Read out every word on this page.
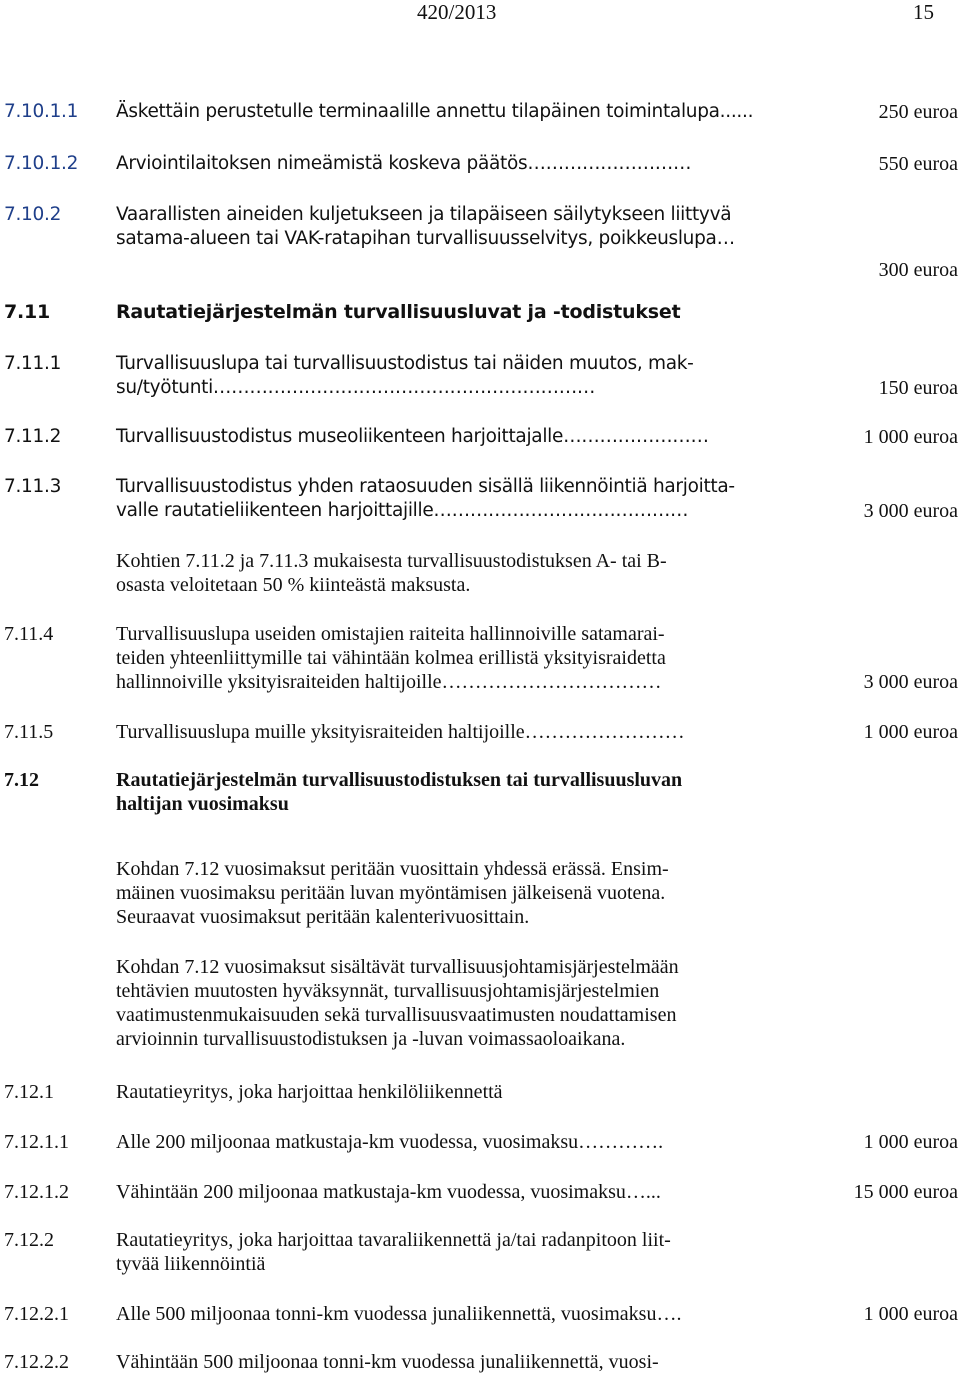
420/2013	15
7.10.1.1 Äskettäin perustetulle terminaalille annettu tilapäinen toimintalupa......	250 euroa
7.10.1.2 Arviointilaitoksen nimeämistä koskeva päätös………………………	550 euroa
7.10.2	Vaarallisten aineiden kuljetukseen ja tilapäiseen säilytykseen liittyvä
satama-alueen tai VAK-ratapihan turvallisuusselvitys, poikkeuslupa…
300 euroa
7.11	Rautatiejärjestelmän turvallisuusluvat ja -todistukset
7.11.1	Turvallisuuslupa tai turvallisuustodistus tai näiden muutos, mak-
su/työtunti………………………………………………………	150 euroa
7.11.2	Turvallisuustodistus museoliikenteen harjoittajalle……………………	1 000 euroa
7.11.3	Turvallisuustodistus yhden rataosuuden sisällä liikennöintiä harjoitta-
valle rautatieliikenteen harjoittajille……………………………………	3 000 euroa
Kohtien 7.11.2 ja 7.11.3 mukaisesta turvallisuustodistuksen A- tai B-
osasta veloitetaan 50 % kiinteästä maksusta.
7.11.4	Turvallisuuslupa useiden omistajien raiteita hallinnoiville satamarai-
teiden yhteenliittymille tai vähintään kolmea erillistä yksityisraidetta
hallinnoiville yksityisraiteiden haltijoille……………………………	3 000 euroa
7.11.5	Turvallisuuslupa muille yksityisraiteiden haltijoille……………………	1 000 euroa
7.12	Rautatiejärjestelmän turvallisuustodistuksen tai turvallisuusluvan
haltijan vuosimaksu
Kohdan 7.12 vuosimaksut peritään vuosittain yhdessä erässä. Ensim-
mäinen vuosimaksu peritään luvan myöntämisen jälkeisenä vuotena.
Seuraavat vuosimaksut peritään kalenterivuosittain.
Kohdan 7.12 vuosimaksut sisältävät turvallisuusjohtamisjärjestelmään
tehtävien muutosten hyväksynnät, turvallisuusjohtamisjärjestelmien
vaatimustenmukaisuuden sekä turvallisuusvaatimusten noudattamisen
arvioinnin turvallisuustodistuksen ja -luvan voimassaoloaikana.
7.12.1	Rautatieyritys, joka harjoittaa henkilöliikennettä
7.12.1.1 Alle 200 miljoonaa matkustaja-km vuodessa, vuosimaksu………….	1 000 euroa
7.12.1.2 Vähintään 200 miljoonaa matkustaja-km vuodessa, vuosimaksu…...	15 000 euroa
7.12.2	Rautatieyritys, joka harjoittaa tavaraliikennettä ja/tai radanpitoon liit-
tyvää liikennöintiä
7.12.2.1 Alle 500 miljoonaa tonni-km vuodessa junaliikennettä, vuosimaksu….	1 000 euroa
7.12.2.2 Vähintään 500 miljoonaa tonni-km vuodessa junaliikennettä, vuosi-
